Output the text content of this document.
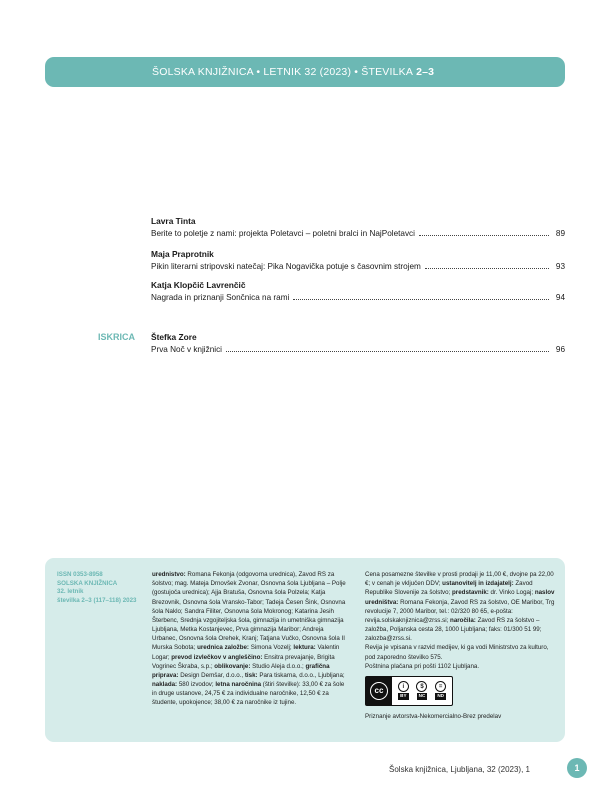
ŠOLSKA KNJIŽNICA • LETNIK 32 (2023) • ŠTEVILKA 2–3
Lavra Tinta
Berite to poletje z nami: projekta Poletavci – poletni bralci in NajPoletavci	89
Maja Praprotnik
Pikin literarni stripovski natečaj: Pika Nogavička potuje s časovnim strojem	93
Katja Klopčič Lavrenčič
Nagrada in priznanji Sončnica na rami	94
ISKRICA Štefka Zore
Prva Noč v knjižnici	96
ISSN 0353-8958
SOLSKA KNJIŽNICA
32. letnik
številka 2–3 (117–118) 2023

urednistvo: Romana Fekonja (odgovorna urednica), Zavod RS za šolstvo; mag. Mateja Drnovšek Zvonar, Osnovna šola Ljubljana – Polje (gostujoča urednica); Ajja Bratuša, Osnovna šola Polzela; Katja Brezovnik, Osnovna šola Vransko-Tabor; Tadeja Česen Šink, Osnovna šola Naklo; Sandra Filiter, Osnovna šola Mokronog; Katarina Jesih Šterbenc, Srednja vzgojiteljska šola, gimnazija in umetniška gimnazija Ljubljana, Metka Kostanjevec, Prva gimnazija Maribor; Andreja Urbanec, Osnovna šola Orehek, Kranj; Tatjana Vučko, Osnovna šola II Murska Sobota; urednica založbe: Simona Vozelj; lektura: Valentin Logar; prevod izvlečkov v angleščino: Ensitra prevajanje, Brigita Vogrinec Škraba, s.p.; oblikovanje: Studio Aleja d.o.o.; grafična priprava: Design Demšar, d.o.o., tisk: Para tiskarna, d.o.o., Ljubljana; naklada: 580 izvodov; letna naročnina (štiri številke): 33,00 € za šole in druge ustanove, 24,75 € za individualne naročnike, 12,50 € za študente, upokojence; 38,00 € za naročnike iz tujine.

Cena posamezne številke v prosti prodaji je 11,00 €, dvojne pa 22,00 €; v cenah je vključen DDV; ustanovitelj in izdajatelj: Zavod Republike Slovenije za šolstvo; predstavnik: dr. Vinko Logaj; naslov uredništva: Romana Fekonja, Zavod RS za šolstvo, OE Maribor, Trg revolucije 7, 2000 Maribor, tel.: 02/320 80 65, e-pošta: revija.solskaknjiznica@zrss.si; naročila: Zavod RS za šolstvo – založba, Poljanska cesta 28, 1000 Ljubljana; faks: 01/300 51 99; zalozba@zrss.si.

Revija je vpisana v razvid medijev, ki ga vodi Ministrstvo za kulturo, pod zaporedno številko 575.

Poštnina plačana pri pošti 1102 Ljubljana.

cc	i
BY
$
NC
=
ND
Priznanje avtorstva-Nekomercialno-Brez predelav
Šolska knjižnica, Ljubljana, 32 (2023), 1	1
